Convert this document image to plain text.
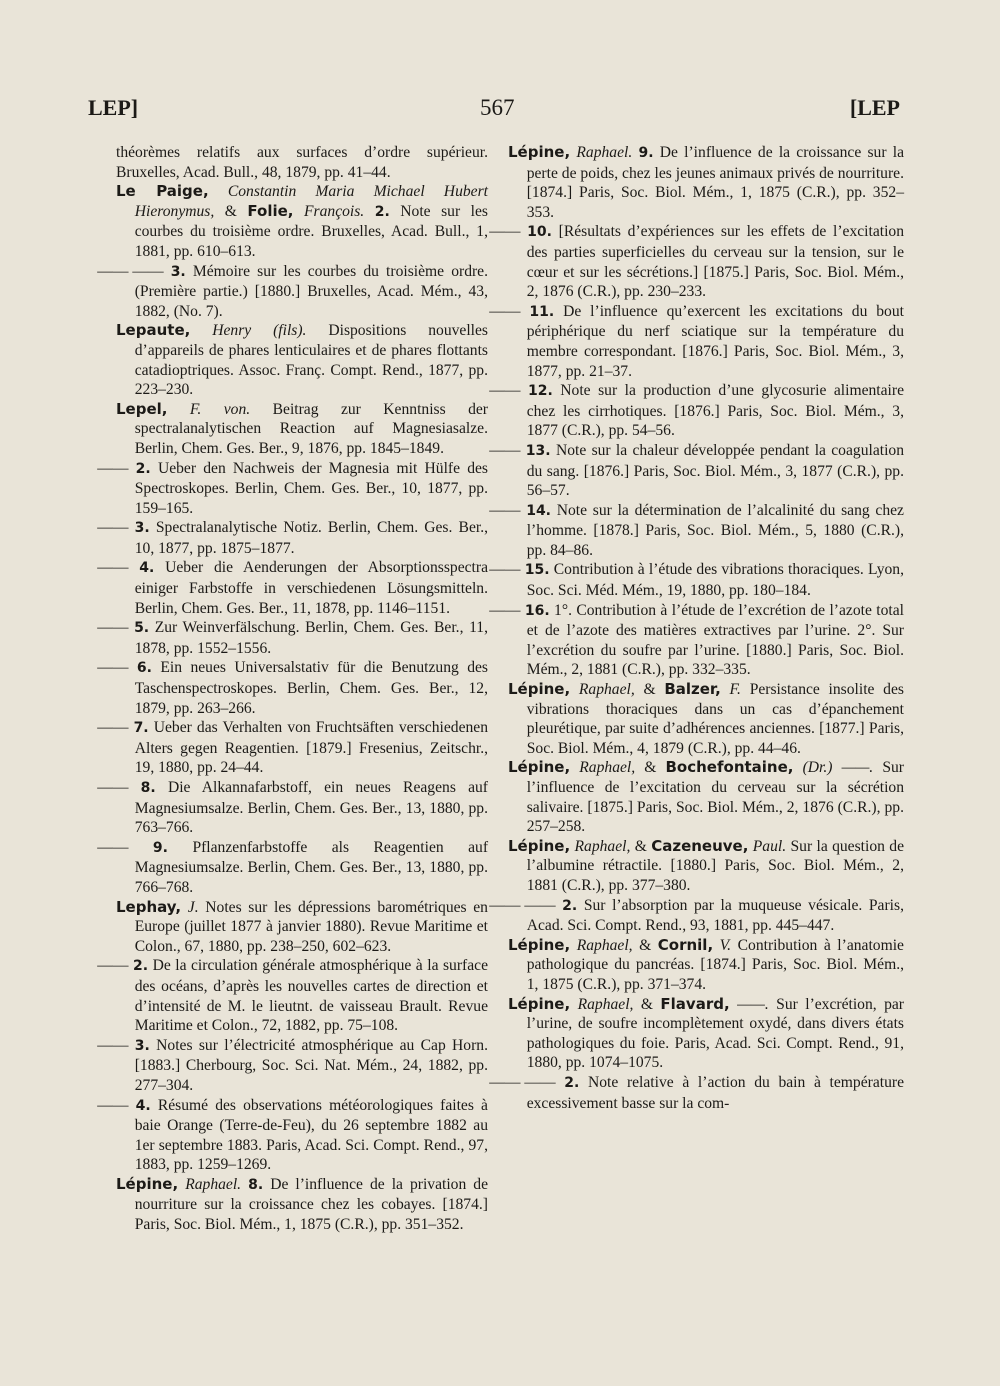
LEP]	567	[LEP

théorèmes relatifs aux surfaces d’ordre supérieur. Bruxelles, Acad. Bull., 48, 1879, pp. 41–44.

Le Paige, Constantin Maria Michael Hubert Hieronymus, & Folie, François. 2. Note sur les courbes du troisième ordre. Bruxelles, Acad. Bull., 1, 1881, pp. 610–613.

—— —— 3. Mémoire sur les courbes du troisième ordre. (Première partie.) [1880.] Bruxelles, Acad. Mém., 43, 1882, (No. 7).

Lepaute, Henry (fils). Dispositions nouvelles d’appareils de phares lenticulaires et de phares flottants catadioptriques. Assoc. Franç. Compt. Rend., 1877, pp. 223–230.

Lepel, F. von. Beitrag zur Kenntniss der spectralanalytischen Reaction auf Magnesiasalze. Berlin, Chem. Ges. Ber., 9, 1876, pp. 1845–1849.

—— 2. Ueber den Nachweis der Magnesia mit Hülfe des Spectroskopes. Berlin, Chem. Ges. Ber., 10, 1877, pp. 159–165.

—— 3. Spectralanalytische Notiz. Berlin, Chem. Ges. Ber., 10, 1877, pp. 1875–1877.

—— 4. Ueber die Aenderungen der Absorptionsspectra einiger Farbstoffe in verschiedenen Lösungsmitteln. Berlin, Chem. Ges. Ber., 11, 1878, pp. 1146–1151.

—— 5. Zur Weinverfälschung. Berlin, Chem. Ges. Ber., 11, 1878, pp. 1552–1556.

—— 6. Ein neues Universalstativ für die Benutzung des Taschenspectroskopes. Berlin, Chem. Ges. Ber., 12, 1879, pp. 263–266.

—— 7. Ueber das Verhalten von Fruchtsäften verschiedenen Alters gegen Reagentien. [1879.] Fresenius, Zeitschr., 19, 1880, pp. 24–44.

—— 8. Die Alkannafarbstoff, ein neues Reagens auf Magnesiumsalze. Berlin, Chem. Ges. Ber., 13, 1880, pp. 763–766.

—— 9. Pflanzenfarbstoffe als Reagentien auf Magnesiumsalze. Berlin, Chem. Ges. Ber., 13, 1880, pp. 766–768.

Lephay, J. Notes sur les dépressions barométriques en Europe (juillet 1877 à janvier 1880). Revue Maritime et Colon., 67, 1880, pp. 238–250, 602–623.

—— 2. De la circulation générale atmosphérique à la surface des océans, d’après les nouvelles cartes de direction et d’intensité de M. le lieutnt. de vaisseau Brault. Revue Maritime et Colon., 72, 1882, pp. 75–108.

—— 3. Notes sur l’électricité atmosphérique au Cap Horn. [1883.] Cherbourg, Soc. Sci. Nat. Mém., 24, 1882, pp. 277–304.

—— 4. Résumé des observations météorologiques faites à baie Orange (Terre-de-Feu), du 26 septembre 1882 au 1er septembre 1883. Paris, Acad. Sci. Compt. Rend., 97, 1883, pp. 1259–1269.

Lépine, Raphael. 8. De l’influence de la privation de nourriture sur la croissance chez les cobayes. [1874.] Paris, Soc. Biol. Mém., 1, 1875 (C.R.), pp. 351–352.

Lépine, Raphael. 9. De l’influence de la croissance sur la perte de poids, chez les jeunes animaux privés de nourriture. [1874.] Paris, Soc. Biol. Mém., 1, 1875 (C.R.), pp. 352–353.

—— 10. [Résultats d’expériences sur les effets de l’excitation des parties superficielles du cerveau sur la tension, sur le cœur et sur les sécrétions.] [1875.] Paris, Soc. Biol. Mém., 2, 1876 (C.R.), pp. 230–233.

—— 11. De l’influence qu’exercent les excitations du bout périphérique du nerf sciatique sur la température du membre correspondant. [1876.] Paris, Soc. Biol. Mém., 3, 1877, pp. 21–37.

—— 12. Note sur la production d’une glycosurie alimentaire chez les cirrhotiques. [1876.] Paris, Soc. Biol. Mém., 3, 1877 (C.R.), pp. 54–56.

—— 13. Note sur la chaleur développée pendant la coagulation du sang. [1876.] Paris, Soc. Biol. Mém., 3, 1877 (C.R.), pp. 56–57.

—— 14. Note sur la détermination de l’alcalinité du sang chez l’homme. [1878.] Paris, Soc. Biol. Mém., 5, 1880 (C.R.), pp. 84–86.

—— 15. Contribution à l’étude des vibrations thoraciques. Lyon, Soc. Sci. Méd. Mém., 19, 1880, pp. 180–184.

—— 16. 1°. Contribution à l’étude de l’excrétion de l’azote total et de l’azote des matières extractives par l’urine. 2°. Sur l’excrétion du soufre par l’urine. [1880.] Paris, Soc. Biol. Mém., 2, 1881 (C.R.), pp. 332–335.

Lépine, Raphael, & Balzer, F. Persistance insolite des vibrations thoraciques dans un cas d’épanchement pleurétique, par suite d’adhérences anciennes. [1877.] Paris, Soc. Biol. Mém., 4, 1879 (C.R.), pp. 44–46.

Lépine, Raphael, & Bochefontaine, (Dr.) ——. Sur l’influence de l’excitation du cerveau sur la sécrétion salivaire. [1875.] Paris, Soc. Biol. Mém., 2, 1876 (C.R.), pp. 257–258.

Lépine, Raphael, & Cazeneuve, Paul. Sur la question de l’albumine rétractile. [1880.] Paris, Soc. Biol. Mém., 2, 1881 (C.R.), pp. 377–380.

—— —— 2. Sur l’absorption par la muqueuse vésicale. Paris, Acad. Sci. Compt. Rend., 93, 1881, pp. 445–447.

Lépine, Raphael, & Cornil, V. Contribution à l’anatomie pathologique du pancréas. [1874.] Paris, Soc. Biol. Mém., 1, 1875 (C.R.), pp. 371–374.

Lépine, Raphael, & Flavard, ——. Sur l’excrétion, par l’urine, de soufre incomplètement oxydé, dans divers états pathologiques du foie. Paris, Acad. Sci. Compt. Rend., 91, 1880, pp. 1074–1075.

—— —— 2. Note relative à l’action du bain à température excessivement basse sur la com-
